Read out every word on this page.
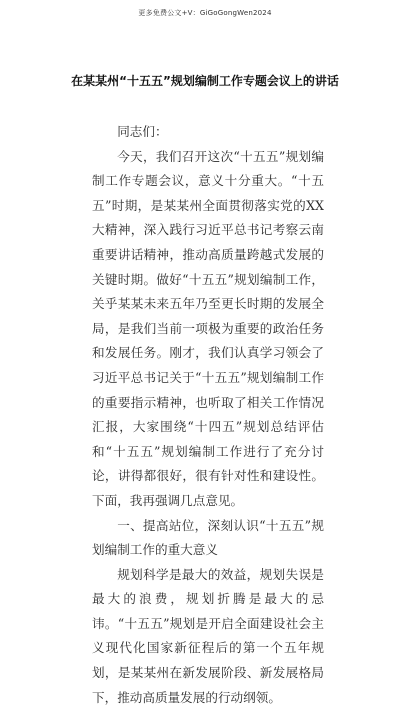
更多免费公文+V：GiGoGongWen2024
在某某州“十五五”规划编制工作专题会议上的讲话

同志们：

今天，我们召开这次“十五五”规划编制工作专题会议，意义十分重大。“十五五”时期，是某某州全面贯彻落实党的XX大精神，深入践行习近平总书记考察云南重要讲话精神，推动高质量跨越式发展的关键时期。做好“十五五”规划编制工作，关乎某某未来五年乃至更长时期的发展全局，是我们当前一项极为重要的政治任务和发展任务。刚才，我们认真学习领会了习近平总书记关于“十五五”规划编制工作的重要指示精神，也听取了相关工作情况汇报，大家围绕“十四五”规划总结评估和“十五五”规划编制工作进行了充分讨论，讲得都很好，很有针对性和建设性。下面，我再强调几点意见。

一、提高站位，深刻认识“十五五”规划编制工作的重大意义

规划科学是最大的效益，规划失误是最大的浪费，规划折腾是最大的忌讳。“十五五”规划是开启全面建设社会主义现代化国家新征程后的第一个五年规划，是某某州在新发展阶段、新发展格局下，推动高质量发展的行动纲领。
